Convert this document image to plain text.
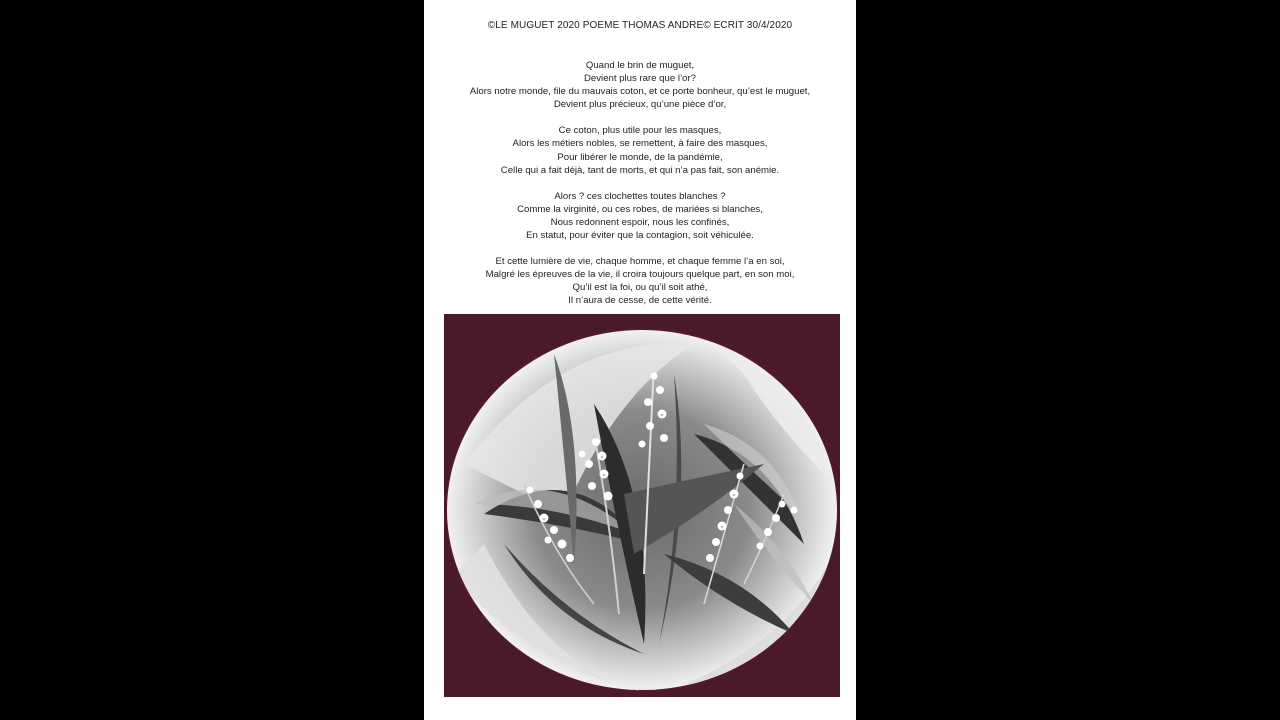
©LE MUGUET 2020 POEME THOMAS ANDRE© ECRIT 30/4/2020
Quand le brin de muguet,
Devient plus rare que l’or?
Alors notre monde, file du mauvais coton, et ce porte bonheur, qu’est le muguet,
Devient plus précieux, qu’une pièce d’or,
Ce coton, plus utile pour les masques,
Alors les métiers nobles, se remettent, à faire des masques,
Pour libérer le monde, de la pandémie,
Celle qui a fait déjà, tant de morts, et qui n’a pas fait, son anémie.
Alors ? ces clochettes toutes blanches ?
Comme la virginité, ou ces robes, de mariées si blanches,
Nous redonnent espoir, nous les confinés,
En statut, pour éviter que la contagion, soit véhiculée.
Et cette lumière de vie, chaque homme, et chaque femme l’a en soi,
Malgré les épreuves de la vie, il croira toujours quelque part, en son moi,
Qu’il est la foi, ou qu’il soit athé,
Il n’aura de cesse, de cette vérité.
©Jacques Moriau
